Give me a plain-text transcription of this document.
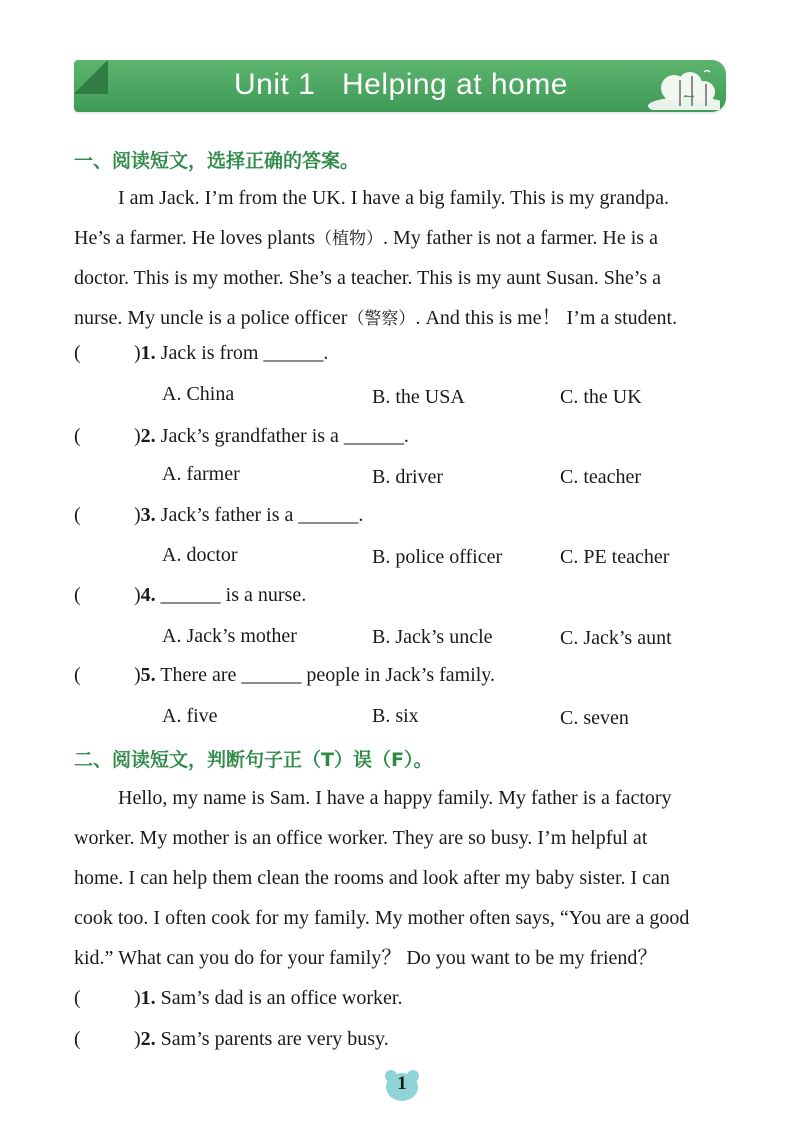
Unit 1 Helping at home
一、阅读短文，选择正确的答案。
I am Jack. I’m from the UK. I have a big family. This is my grandpa.
He’s a farmer. He loves plants（植物）. My father is not a farmer. He is a
doctor. This is my mother. She’s a teacher. This is my aunt Susan. She’s a
nurse. My uncle is a police officer（警察）. And this is me！ I’m a student.
(	)1. Jack is from ______.
A. China	B. the USA	C. the UK
(	)2. Jack’s grandfather is a ______.
A. farmer	B. driver	C. teacher
(	)3. Jack’s father is a ______.
A. doctor	B. police officer	C. PE teacher
(	)4. ______ is a nurse.
A. Jack’s mother	B. Jack’s uncle	C. Jack’s aunt
(	)5. There are ______ people in Jack’s family.
A. five	B. six	C. seven
二、阅读短文，判断句子正（T）误（F）。
Hello, my name is Sam. I have a happy family. My father is a factory
worker. My mother is an office worker. They are so busy. I’m helpful at
home. I can help them clean the rooms and look after my baby sister. I can
cook too. I often cook for my family. My mother often says, “You are a good
kid.” What can you do for your family？ Do you want to be my friend？
(	)1. Sam’s dad is an office worker.
(	)2. Sam’s parents are very busy.
1
